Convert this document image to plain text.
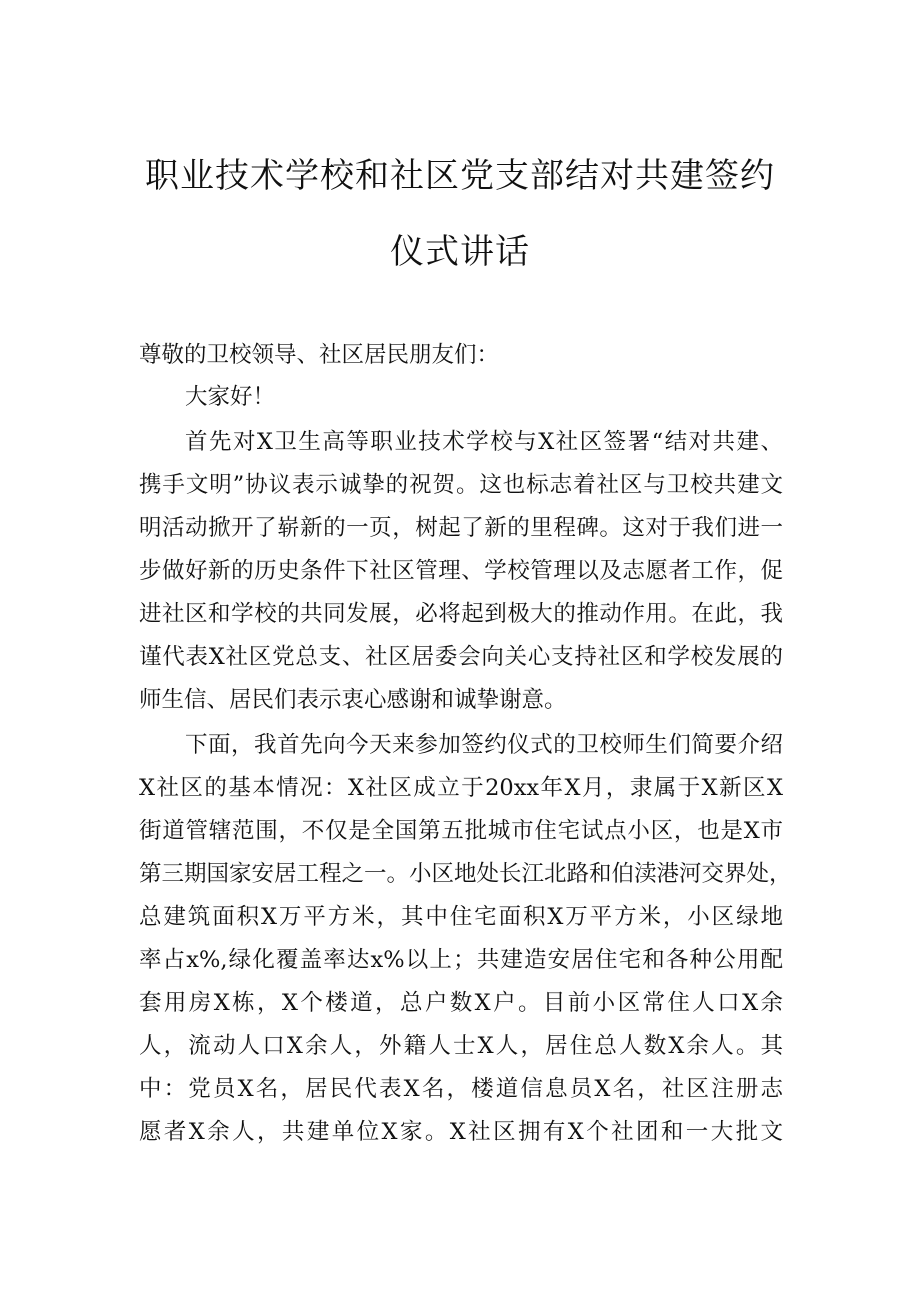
职业技术学校和社区党支部结对共建签约
仪式讲话
尊敬的卫校领导、社区居民朋友们：
大家好！
首先对X卫生高等职业技术学校与X社区签署“结对共建、
携手文明”协议表示诚挚的祝贺。这也标志着社区与卫校共建文
明活动掀开了崭新的一页，树起了新的里程碑。这对于我们进一
步做好新的历史条件下社区管理、学校管理以及志愿者工作，促
进社区和学校的共同发展，必将起到极大的推动作用。在此，我
谨代表X社区党总支、社区居委会向关心支持社区和学校发展的
师生信、居民们表示衷心感谢和诚挚谢意。
下面，我首先向今天来参加签约仪式的卫校师生们简要介绍
X社区的基本情况：X社区成立于20xx年X月，隶属于X新区X
街道管辖范围，不仅是全国第五批城市住宅试点小区，也是X市
第三期国家安居工程之一。小区地处长江北路和伯渎港河交界处，
总建筑面积X万平方米，其中住宅面积X万平方米，小区绿地
率占x%,绿化覆盖率达x%以上；共建造安居住宅和各种公用配
套用房X栋，X个楼道，总户数X户。目前小区常住人口X余
人，流动人口X余人，外籍人士X人，居住总人数X余人。其
中：党员X名，居民代表X名，楼道信息员X名，社区注册志
愿者X余人，共建单位X家。X社区拥有X个社团和一大批文
